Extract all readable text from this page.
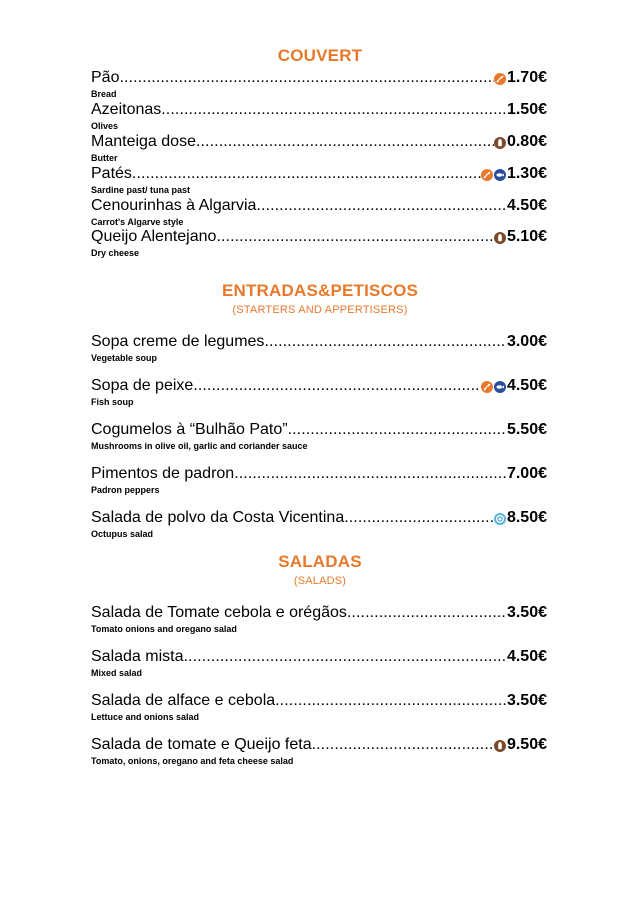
COUVERT
Pão .....	1.70€
Bread
Azeitonas .....	1.50€
Olives
Manteiga dose .....	0.80€
Butter
Patés .....	1.30€
Sardine past/ tuna past
Cenourinhas à Algarvia .....	4.50€
Carrot's Algarve style
Queijo Alentejano .....	5.10€
Dry cheese
ENTRADAS&PETISCOS
(STARTERS AND APPERTISERS)
Sopa creme de legumes .....	3.00€
Vegetable soup
Sopa de peixe .....	4.50€
Fish soup
Cogumelos à “Bulhão Pato” .....	5.50€
Mushrooms in olive oil, garlic and coriander sauce
Pimentos de padron .....	7.00€
Padron peppers
Salada de polvo da Costa Vicentina .....	8.50€
Octupus salad
SALADAS
(SALADS)
Salada de Tomate cebola e orégãos .....	3.50€
Tomato onions and oregano salad
Salada mista .....	4.50€
Mixed salad
Salada de alface e cebola .....	3.50€
Lettuce and onions salad
Salada de tomate e Queijo feta .....	9.50€
Tomato, onions, oregano and feta cheese salad
